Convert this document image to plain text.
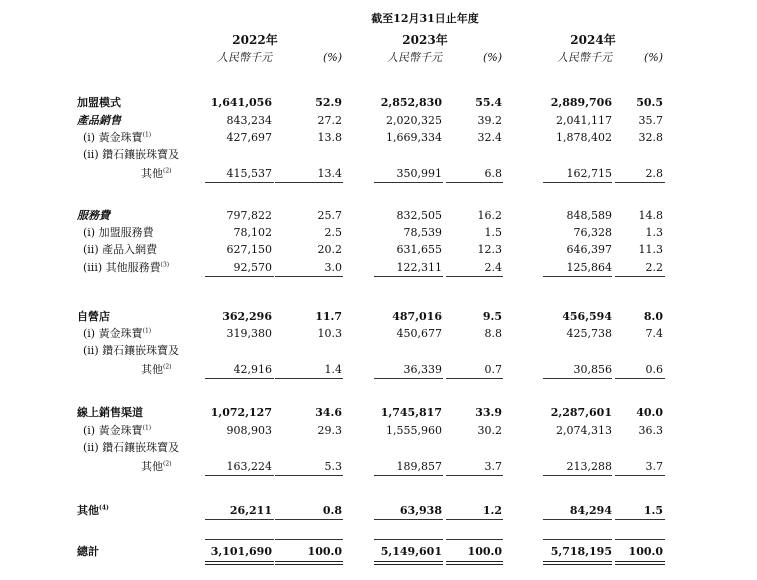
截至12月31日止年度
2022年	2023年	2024年
人民幣千元	(%)	人民幣千元	(%)	人民幣千元	(%)
加盟模式	1,641,056	52.9	2,852,830	55.4	2,889,706	50.5
產品銷售	843,234	27.2	2,020,325	39.2	2,041,117	35.7
(i) 黃金珠寶$^{(1)}$	427,697	13.8	1,669,334	32.4	1,878,402	32.8
(ii) 鑽石鑲嵌珠寶及
其他$^{(2)}$	415,537	13.4	350,991	6.8	162,715	2.8
服務費	797,822	25.7	832,505	16.2	848,589	14.8
(i) 加盟服務費	78,102	2.5	78,539	1.5	76,328	1.3
(ii) 產品入網費	627,150	20.2	631,655	12.3	646,397	11.3
(iii) 其他服務費$^{(3)}$	92,570	3.0	122,311	2.4	125,864	2.2
自營店	362,296	11.7	487,016	9.5	456,594	8.0
(i) 黃金珠寶$^{(1)}$	319,380	10.3	450,677	8.8	425,738	7.4
(ii) 鑽石鑲嵌珠寶及
其他$^{(2)}$	42,916	1.4	36,339	0.7	30,856	0.6
線上銷售渠道	1,072,127	34.6	1,745,817	33.9	2,287,601	40.0
(i) 黃金珠寶$^{(1)}$	908,903	29.3	1,555,960	30.2	2,074,313	36.3
(ii) 鑽石鑲嵌珠寶及
其他$^{(2)}$	163,224	5.3	189,857	3.7	213,288	3.7
其他$^{(4)}$	26,211	0.8	63,938	1.2	84,294	1.5
總計	3,101,690	100.0	5,149,601	100.0	5,718,195	100.0
